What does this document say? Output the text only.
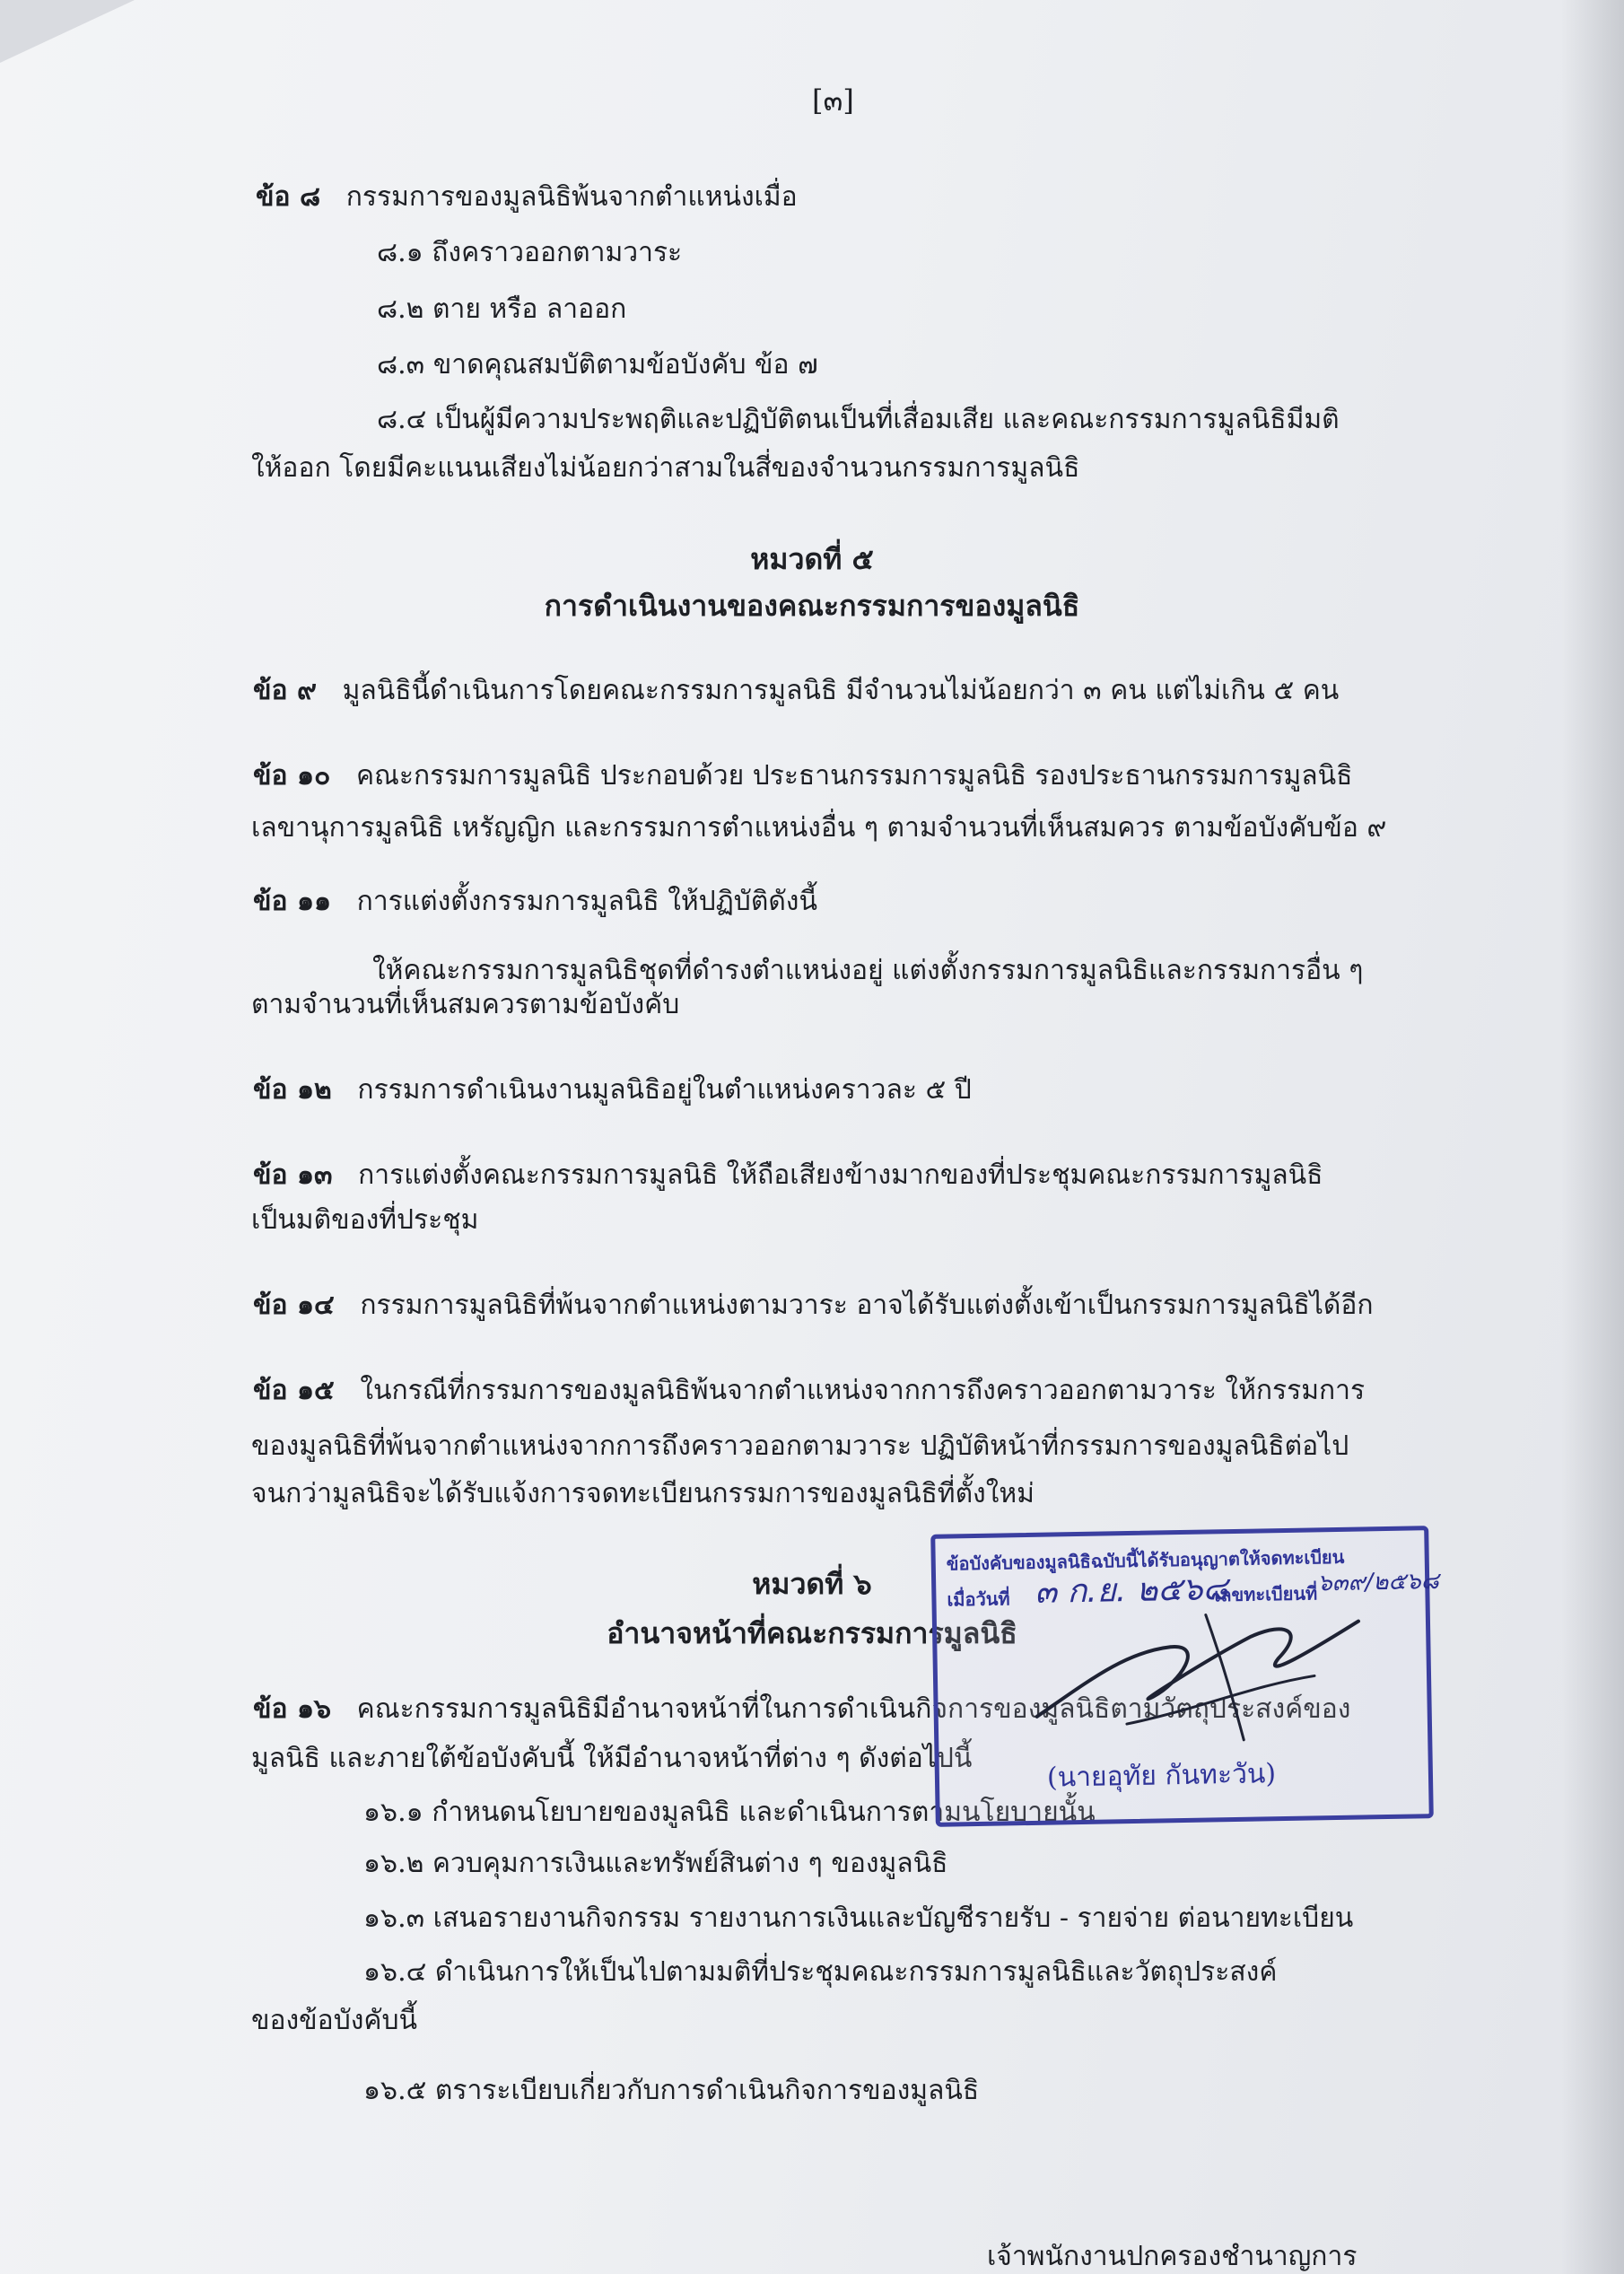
[๓]
ข้อ ๘ กรรมการของมูลนิธิพ้นจากตำแหน่งเมื่อ
๘.๑ ถึงคราวออกตามวาระ
๘.๒ ตาย หรือ ลาออก
๘.๓ ขาดคุณสมบัติตามข้อบังคับ ข้อ ๗
๘.๔ เป็นผู้มีความประพฤติและปฏิบัติตนเป็นที่เสื่อมเสีย และคณะกรรมการมูลนิธิมีมติ
ให้ออก โดยมีคะแนนเสียงไม่น้อยกว่าสามในสี่ของจำนวนกรรมการมูลนิธิ
หมวดที่ ๕
การดำเนินงานของคณะกรรมการของมูลนิธิ
ข้อ ๙ มูลนิธินี้ดำเนินการโดยคณะกรรมการมูลนิธิ มีจำนวนไม่น้อยกว่า ๓ คน แต่ไม่เกิน ๕ คน
ข้อ ๑๐ คณะกรรมการมูลนิธิ ประกอบด้วย ประธานกรรมการมูลนิธิ รองประธานกรรมการมูลนิธิ
เลขานุการมูลนิธิ เหรัญญิก และกรรมการตำแหน่งอื่น ๆ ตามจำนวนที่เห็นสมควร ตามข้อบังคับข้อ ๙
ข้อ ๑๑ การแต่งตั้งกรรมการมูลนิธิ ให้ปฏิบัติดังนี้
ให้คณะกรรมการมูลนิธิชุดที่ดำรงตำแหน่งอยู่ แต่งตั้งกรรมการมูลนิธิและกรรมการอื่น ๆ
ตามจำนวนที่เห็นสมควรตามข้อบังคับ
ข้อ ๑๒ กรรมการดำเนินงานมูลนิธิอยู่ในตำแหน่งคราวละ ๕ ปี
ข้อ ๑๓ การแต่งตั้งคณะกรรมการมูลนิธิ ให้ถือเสียงข้างมากของที่ประชุมคณะกรรมการมูลนิธิ
เป็นมติของที่ประชุม
ข้อ ๑๔ กรรมการมูลนิธิที่พ้นจากตำแหน่งตามวาระ อาจได้รับแต่งตั้งเข้าเป็นกรรมการมูลนิธิได้อีก
ข้อ ๑๕ ในกรณีที่กรรมการของมูลนิธิพ้นจากตำแหน่งจากการถึงคราวออกตามวาระ ให้กรรมการ
ของมูลนิธิที่พ้นจากตำแหน่งจากการถึงคราวออกตามวาระ ปฏิบัติหน้าที่กรรมการของมูลนิธิต่อไป
จนกว่ามูลนิธิจะได้รับแจ้งการจดทะเบียนกรรมการของมูลนิธิที่ตั้งใหม่
หมวดที่ ๖
อำนาจหน้าที่คณะกรรมการมูลนิธิ
ข้อ ๑๖ คณะกรรมการมูลนิธิมีอำนาจหน้าที่ในการดำเนินกิจการของมูลนิธิตามวัตถุประสงค์ของ
มูลนิธิ และภายใต้ข้อบังคับนี้ ให้มีอำนาจหน้าที่ต่าง ๆ ดังต่อไปนี้
๑๖.๑ กำหนดนโยบายของมูลนิธิ และดำเนินการตามนโยบายนั้น
๑๖.๒ ควบคุมการเงินและทรัพย์สินต่าง ๆ ของมูลนิธิ
๑๖.๓ เสนอรายงานกิจกรรม รายงานการเงินและบัญชีรายรับ - รายจ่าย ต่อนายทะเบียน
๑๖.๔ ดำเนินการให้เป็นไปตามมติที่ประชุมคณะกรรมการมูลนิธิและวัตถุประสงค์
ของข้อบังคับนี้
๑๖.๕ ตราระเบียบเกี่ยวกับการดำเนินกิจการของมูลนิธิ
ข้อบังคับของมูลนิธิฉบับนี้ได้รับอนุญาตให้จดทะเบียน
เมื่อวันที่ ๓ ก.ย. ๒๕๖๘
เลขทะเบียนที่ ๖๓๙/๒๕๖๘
(นายอุทัย กันทะวัน)
เจ้าพนักงานปกครองชำนาญการ
